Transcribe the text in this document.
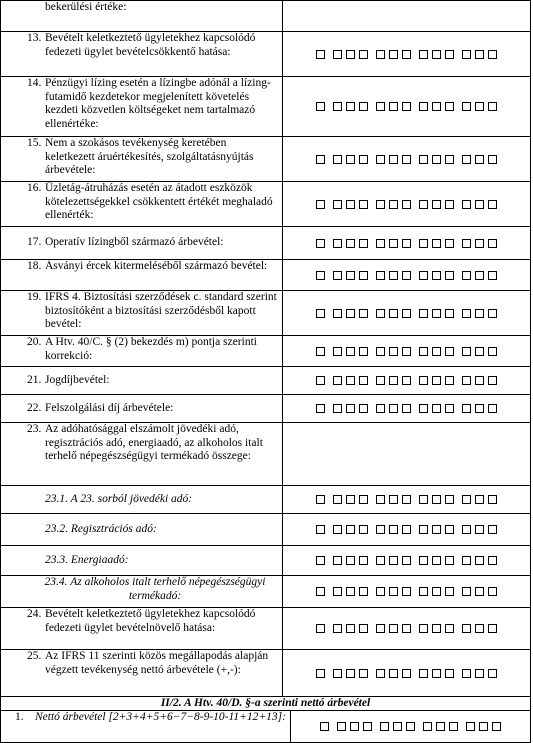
bekerülési értéke:
13. Bevételt keletkeztető ügyletekhez kapcsolódó fedezeti ügylet bevételcsökkentő hatása:
14. Pénzügyi lízing esetén a lízingbe adónál a lízing-futamidő kezdetekor megjelenített követelés kezdeti közvetlen költségeket nem tartalmazó ellenértéke:
15. Nem a szokásos tevékenység keretében keletkezett áruértékesítés, szolgáltatásnyújtás árbevétele:
16. Üzletág-átruházás esetén az átadott eszközök kötelezettségekkel csökkentett értékét meghaladó ellenérték:
17. Operatív lízingből származó árbevétel:
18. Ásványi ércek kitermeléséből származó bevétel:
19. IFRS 4. Biztosítási szerződések c. standard szerint biztosítóként a biztosítási szerződésből kapott bevétel:
20. A Htv. 40/C. § (2) bekezdés m) pontja szerinti korrekció:
21. Jogdíjbevétel:
22. Felszolgálási díj árbevétele:
23. Az adóhatósággal elszámolt jövedéki adó, regisztrációs adó, energiaadó, az alkoholos italt terhelő népegészségügyi termékadó összege:
23.1. A 23. sorból jövedéki adó:
23.2. Regisztrációs adó:
23.3. Energiaadó:
23.4. Az alkoholos italt terhelő népegészségügyi termékadó:
24. Bevételt keletkeztető ügyletekhez kapcsolódó fedezeti ügylet bevételnövelő hatása:
25. Az IFRS 11 szerinti közös megállapodás alapján végzett tevékenység nettó árbevétele (+,-):
II/2. A Htv. 40/D. §-a szerinti nettó árbevétel
1. Nettó árbevétel [2+3+4+5+6−7−8-9-10-11+12+13]:
